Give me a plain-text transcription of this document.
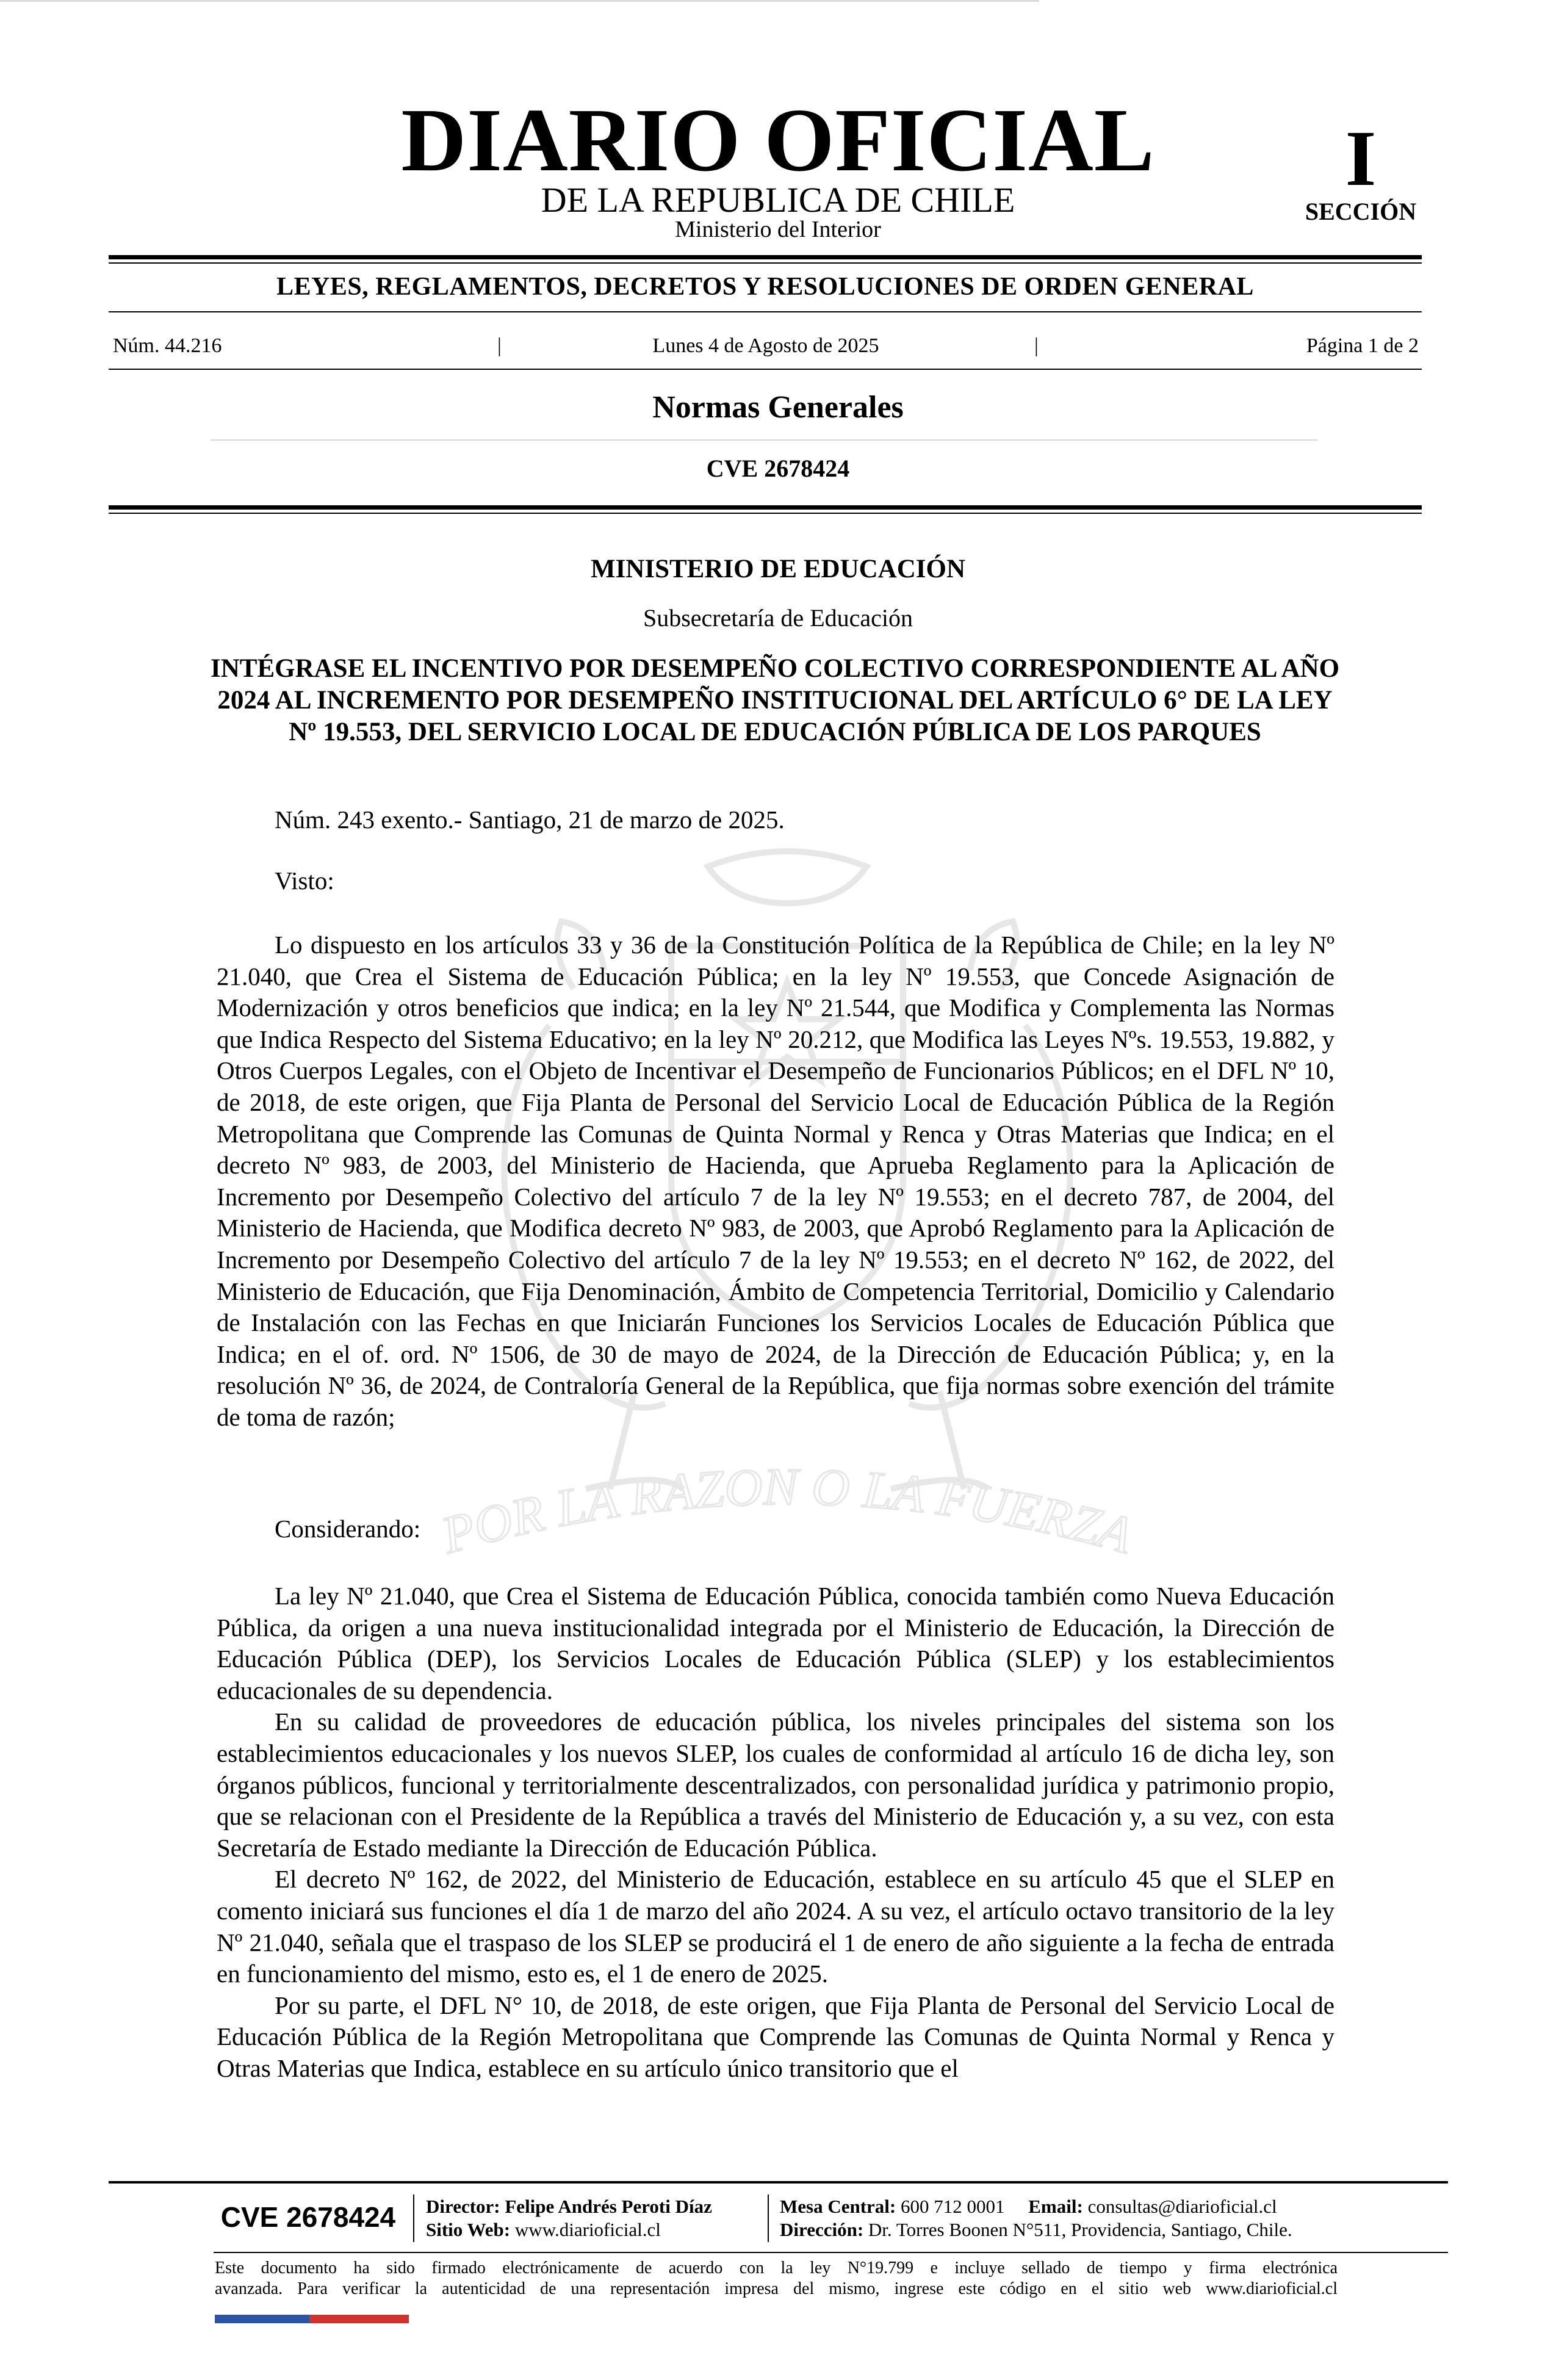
DIARIO OFICIAL
DE LA REPUBLICA DE CHILE
Ministerio del Interior
I
SECCIÓN
LEYES, REGLAMENTOS, DECRETOS Y RESOLUCIONES DE ORDEN GENERAL
Núm. 44.216	|	Lunes 4 de Agosto de 2025	|	Página 1 de 2
Normas Generales
CVE 2678424
POR LA RAZON O LA FUERZA
MINISTERIO DE EDUCACIÓN
Subsecretaría de Educación
INTÉGRASE EL INCENTIVO POR DESEMPEÑO COLECTIVO CORRESPONDIENTE AL AÑO 2024 AL INCREMENTO POR DESEMPEÑO INSTITUCIONAL DEL ARTÍCULO 6° DE LA LEY Nº 19.553, DEL SERVICIO LOCAL DE EDUCACIÓN PÚBLICA DE LOS PARQUES

Núm. 243 exento.- Santiago, 21 de marzo de 2025.

Visto:

Lo dispuesto en los artículos 33 y 36 de la Constitución Política de la República de Chile; en la ley Nº 21.040, que Crea el Sistema de Educación Pública; en la ley Nº 19.553, que Concede Asignación de Modernización y otros beneficios que indica; en la ley Nº 21.544, que Modifica y Complementa las Normas que Indica Respecto del Sistema Educativo; en la ley Nº 20.212, que Modifica las Leyes Nºs. 19.553, 19.882, y Otros Cuerpos Legales, con el Objeto de Incentivar el Desempeño de Funcionarios Públicos; en el DFL Nº 10, de 2018, de este origen, que Fija Planta de Personal del Servicio Local de Educación Pública de la Región Metropolitana que Comprende las Comunas de Quinta Normal y Renca y Otras Materias que Indica; en el decreto Nº 983, de 2003, del Ministerio de Hacienda, que Aprueba Reglamento para la Aplicación de Incremento por Desempeño Colectivo del artículo 7 de la ley Nº 19.553; en el decreto 787, de 2004, del Ministerio de Hacienda, que Modifica decreto Nº 983, de 2003, que Aprobó Reglamento para la Aplicación de Incremento por Desempeño Colectivo del artículo 7 de la ley Nº 19.553; en el decreto Nº 162, de 2022, del Ministerio de Educación, que Fija Denominación, Ámbito de Competencia Territorial, Domicilio y Calendario de Instalación con las Fechas en que Iniciarán Funciones los Servicios Locales de Educación Pública que Indica; en el of. ord. Nº 1506, de 30 de mayo de 2024, de la Dirección de Educación Pública; y, en la resolución Nº 36, de 2024, de Contraloría General de la República, que fija normas sobre exención del trámite de toma de razón;

Considerando:

La ley Nº 21.040, que Crea el Sistema de Educación Pública, conocida también como Nueva Educación Pública, da origen a una nueva institucionalidad integrada por el Ministerio de Educación, la Dirección de Educación Pública (DEP), los Servicios Locales de Educación Pública (SLEP) y los establecimientos educacionales de su dependencia.

En su calidad de proveedores de educación pública, los niveles principales del sistema son los establecimientos educacionales y los nuevos SLEP, los cuales de conformidad al artículo 16 de dicha ley, son órganos públicos, funcional y territorialmente descentralizados, con personalidad jurídica y patrimonio propio, que se relacionan con el Presidente de la República a través del Ministerio de Educación y, a su vez, con esta Secretaría de Estado mediante la Dirección de Educación Pública.

El decreto Nº 162, de 2022, del Ministerio de Educación, establece en su artículo 45 que el SLEP en comento iniciará sus funciones el día 1 de marzo del año 2024. A su vez, el artículo octavo transitorio de la ley Nº 21.040, señala que el traspaso de los SLEP se producirá el 1 de enero de año siguiente a la fecha de entrada en funcionamiento del mismo, esto es, el 1 de enero de 2025.

Por su parte, el DFL N° 10, de 2018, de este origen, que Fija Planta de Personal del Servicio Local de Educación Pública de la Región Metropolitana que Comprende las Comunas de Quinta Normal y Renca y Otras Materias que Indica, establece en su artículo único transitorio que el

CVE 2678424	Director: Felipe Andrés Peroti Díaz
Sitio Web: www.diarioficial.cl
Mesa Central: 600 712 0001 Email: consultas@diarioficial.cl
Dirección: Dr. Torres Boonen N°511, Providencia, Santiago, Chile.
Este documento ha sido firmado electrónicamente de acuerdo con la ley N°19.799 e incluye sellado de tiempo y firma electrónica
avanzada. Para verificar la autenticidad de una representación impresa del mismo, ingrese este código en el sitio web www.diarioficial.cl
